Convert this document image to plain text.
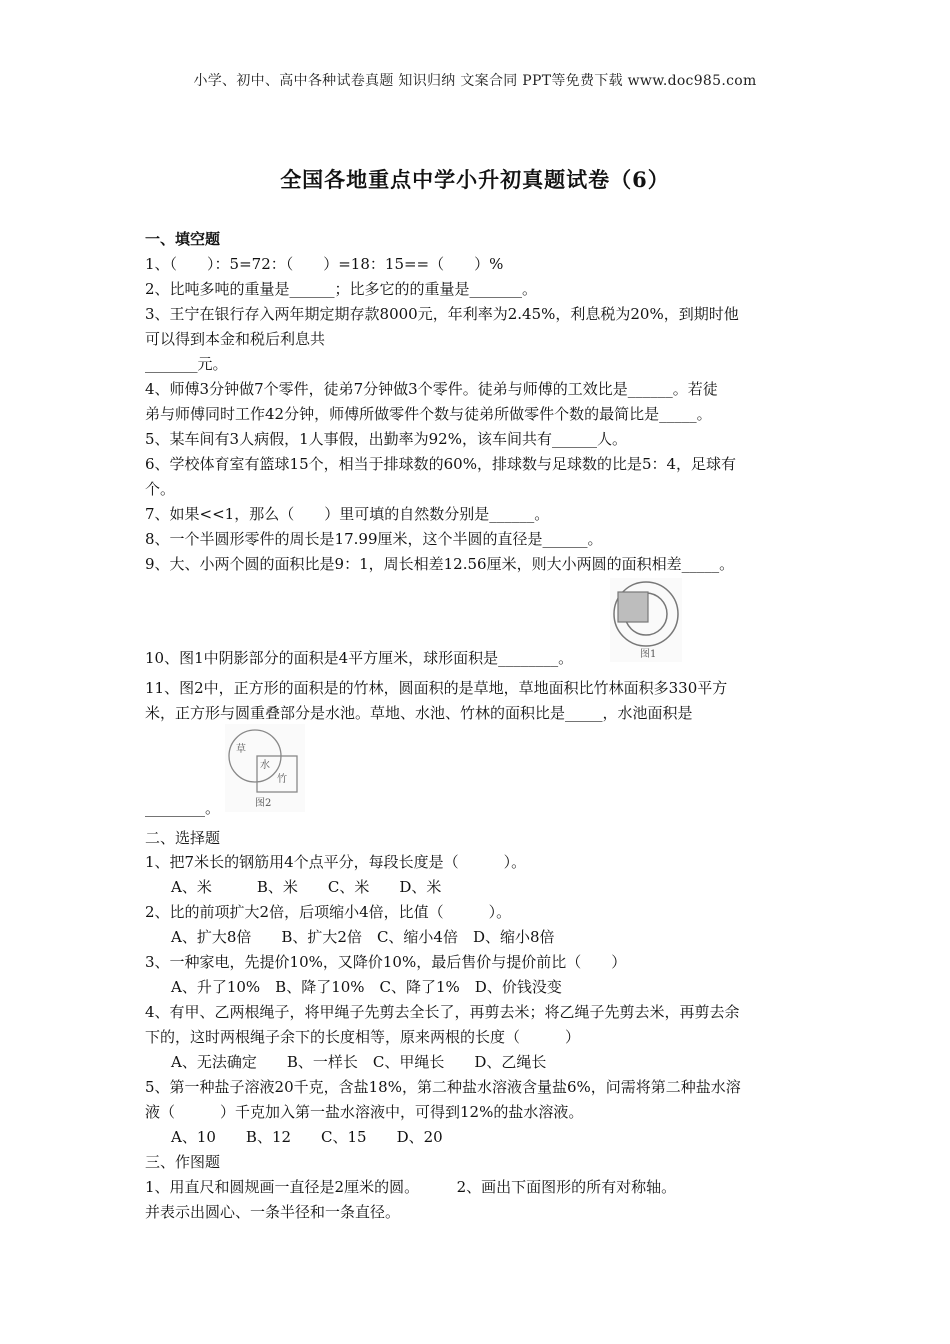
小学、初中、高中各种试卷真题 知识归纳 文案合同 PPT等免费下载 www.doc985.com
全国各地重点中学小升初真题试卷（6）
一、填空题
1、（　　）：5=72：（　　）=18：15==（　　）%
2、比吨多吨的重量是______；比多它的的重量是_______。
3、王宁在银行存入两年期定期存款8000元，年利率为2.45%，利息税为20%，到期时他
可以得到本金和税后利息共
_______元。
4、师傅3分钟做7个零件，徒弟7分钟做3个零件。徒弟与师傅的工效比是______。若徒
弟与师傅同时工作42分钟，师傅所做零件个数与徒弟所做零件个数的最简比是_____。
5、某车间有3人病假，1人事假，出勤率为92%，该车间共有______人。
6、学校体育室有篮球15个，相当于排球数的60%，排球数与足球数的比是5：4，足球有
个。
7、如果<<1，那么（　　）里可填的自然数分别是______。
8、一个半圆形零件的周长是17.99厘米，这个半圆的直径是______。
9、大、小两个圆的面积比是9：1，周长相差12.56厘米，则大小两圆的面积相差_____。
10、图1中阴影部分的面积是4平方厘米，球形面积是________。
11、图2中，正方形的面积是的竹林，圆面积的是草地，草地面积比竹林面积多330平方
米，正方形与圆重叠部分是水池。草地、水池、竹林的面积比是_____，水池面积是
________。
二、选择题
1、把7米长的钢筋用4个点平分，每段长度是（　　　）。
A、米　　　B、米　　C、米　　D、米
2、比的前项扩大2倍，后项缩小4倍，比值（　　　）。
A、扩大8倍　　B、扩大2倍　C、缩小4倍　D、缩小8倍
3、一种家电，先提价10%，又降价10%，最后售价与提价前比（　　）
A、升了10%　B、降了10%　C、降了1%　D、价钱没变
4、有甲、乙两根绳子，将甲绳子先剪去全长了，再剪去米；将乙绳子先剪去米，再剪去余
下的，这时两根绳子余下的长度相等，原来两根的长度（　　　）
A、无法确定　　B、一样长　C、甲绳长　　D、乙绳长
5、第一种盐子溶液20千克，含盐18%，第二种盐水溶液含量盐6%，问需将第二种盐水溶
液（　　　）千克加入第一盐水溶液中，可得到12%的盐水溶液。
A、10　　B、12　　C、15　　D、20
三、作图题
1、用直尺和圆规画一直径是2厘米的圆。　　　2、画出下面图形的所有对称轴。
并表示出圆心、一条半径和一条直径。
图1
草
水
竹
图2
